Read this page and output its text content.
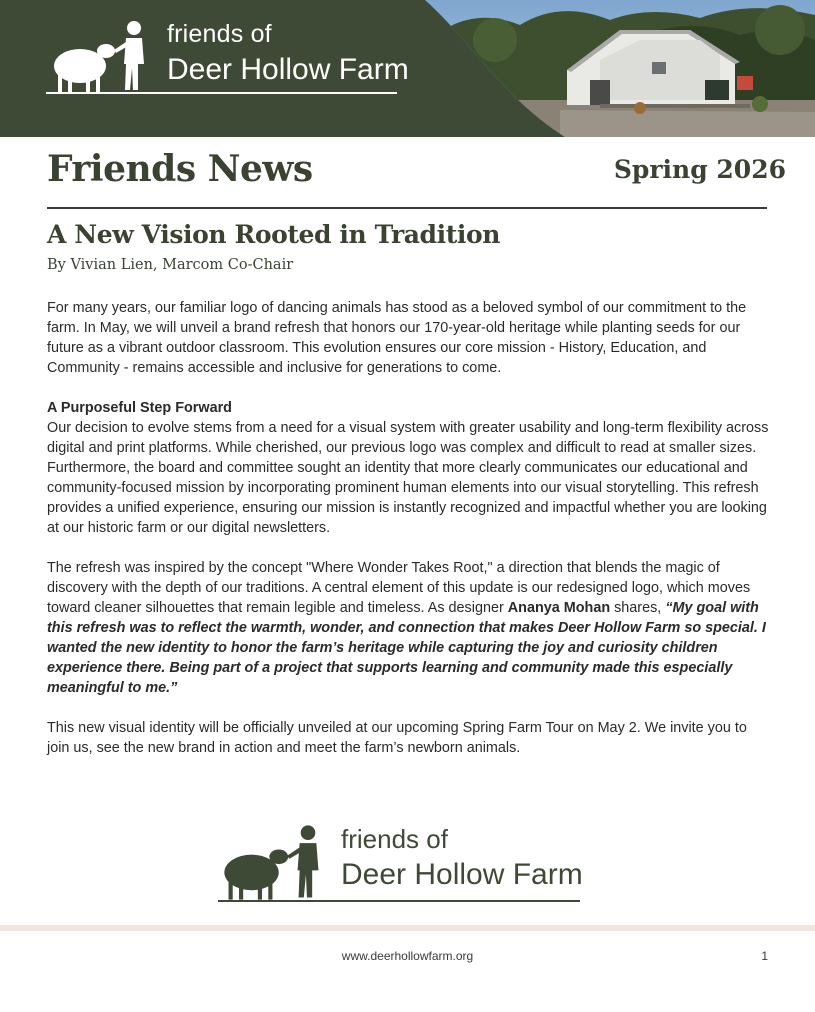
friends of
Deer Hollow Farm
Friends News	Spring 2026
A New Vision Rooted in Tradition
By Vivian Lien, Marcom Co-Chair

For many years, our familiar logo of dancing animals has stood as a beloved symbol of our commitment to the farm. In May, we will unveil a brand refresh that honors our 170-year-old heritage while planting seeds for our future as a vibrant outdoor classroom. This evolution ensures our core mission - History, Education, and Community - remains accessible and inclusive for generations to come.

A Purposeful Step Forward
Our decision to evolve stems from a need for a visual system with greater usability and long-term flexibility across digital and print platforms. While cherished, our previous logo was complex and difficult to read at smaller sizes. Furthermore, the board and committee sought an identity that more clearly communicates our educational and community-focused mission by incorporating prominent human elements into our visual storytelling. This refresh provides a unified experience, ensuring our mission is instantly recognized and impactful whether you are looking at our historic farm or our digital newsletters.

The refresh was inspired by the concept "Where Wonder Takes Root," a direction that blends the magic of discovery with the depth of our traditions. A central element of this update is our redesigned logo, which moves toward cleaner silhouettes that remain legible and timeless. As designer Ananya Mohan shares, “My goal with this refresh was to reflect the warmth, wonder, and connection that makes Deer Hollow Farm so special. I wanted the new identity to honor the farm’s heritage while capturing the joy and curiosity children experience there. Being part of a project that supports learning and community made this especially meaningful to me.”

This new visual identity will be officially unveiled at our upcoming Spring Farm Tour on May 2. We invite you to join us, see the new brand in action and meet the farm’s newborn animals.

friends of
Deer Hollow Farm
www.deerhollowfarm.org	1
